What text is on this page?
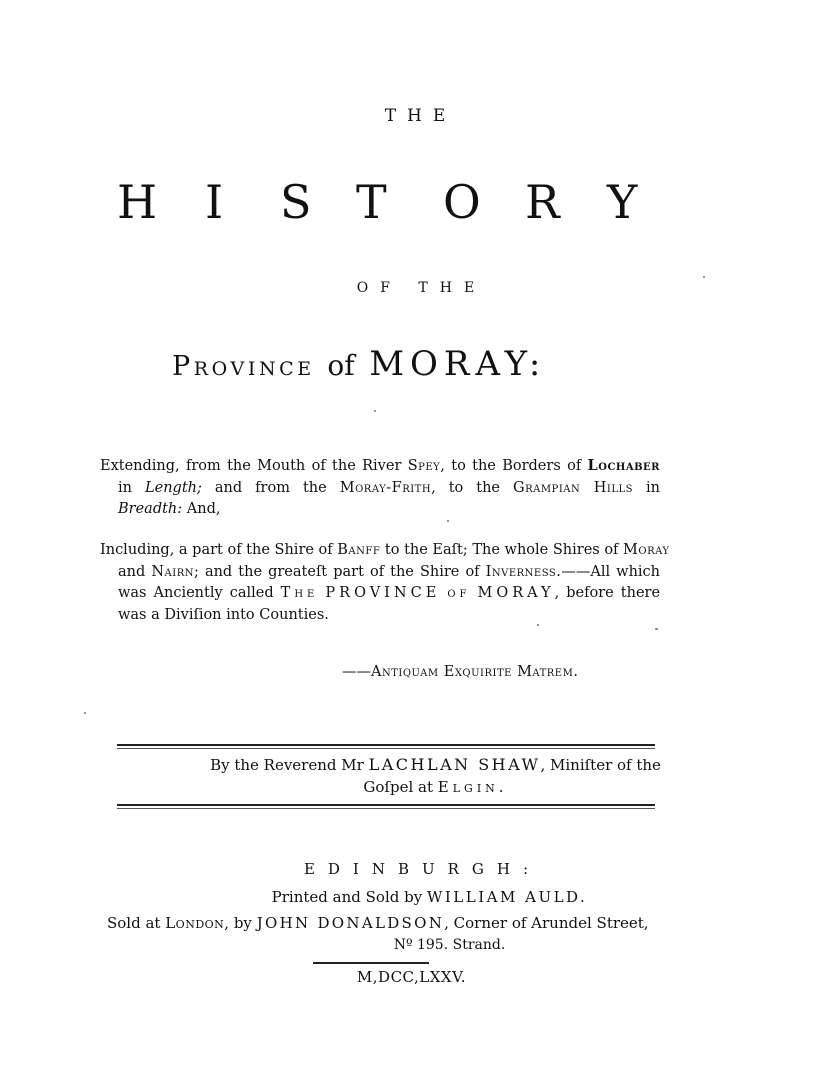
THE
H I S T O R Y
OF THE
Province of MORAY:
Extending, from the Mouth of the River Spey, to the Borders of Lochaber
in Length; and from the Moray-Frith, to the Grampian Hills in
Breadth: And,
Including, a part of the Shire of Banff to the Eaſt; The whole Shires of Moray
and Nairn; and the greateſt part of the Shire of Inverness.——All which
was Anciently called The PROVINCE of MORAY, before there
was a Diviſion into Counties.
——Antiquam Exquirite Matrem.
By the Reverend Mr LACHLAN SHAW, Miniſter of the
Goſpel at Elgin.
EDINBURGH:
Printed and Sold by WILLIAM AULD.
Sold at London, by JOHN DONALDSON, Corner of Arundel Street,
Nº 195. Strand.
M,DCC,LXXV.
